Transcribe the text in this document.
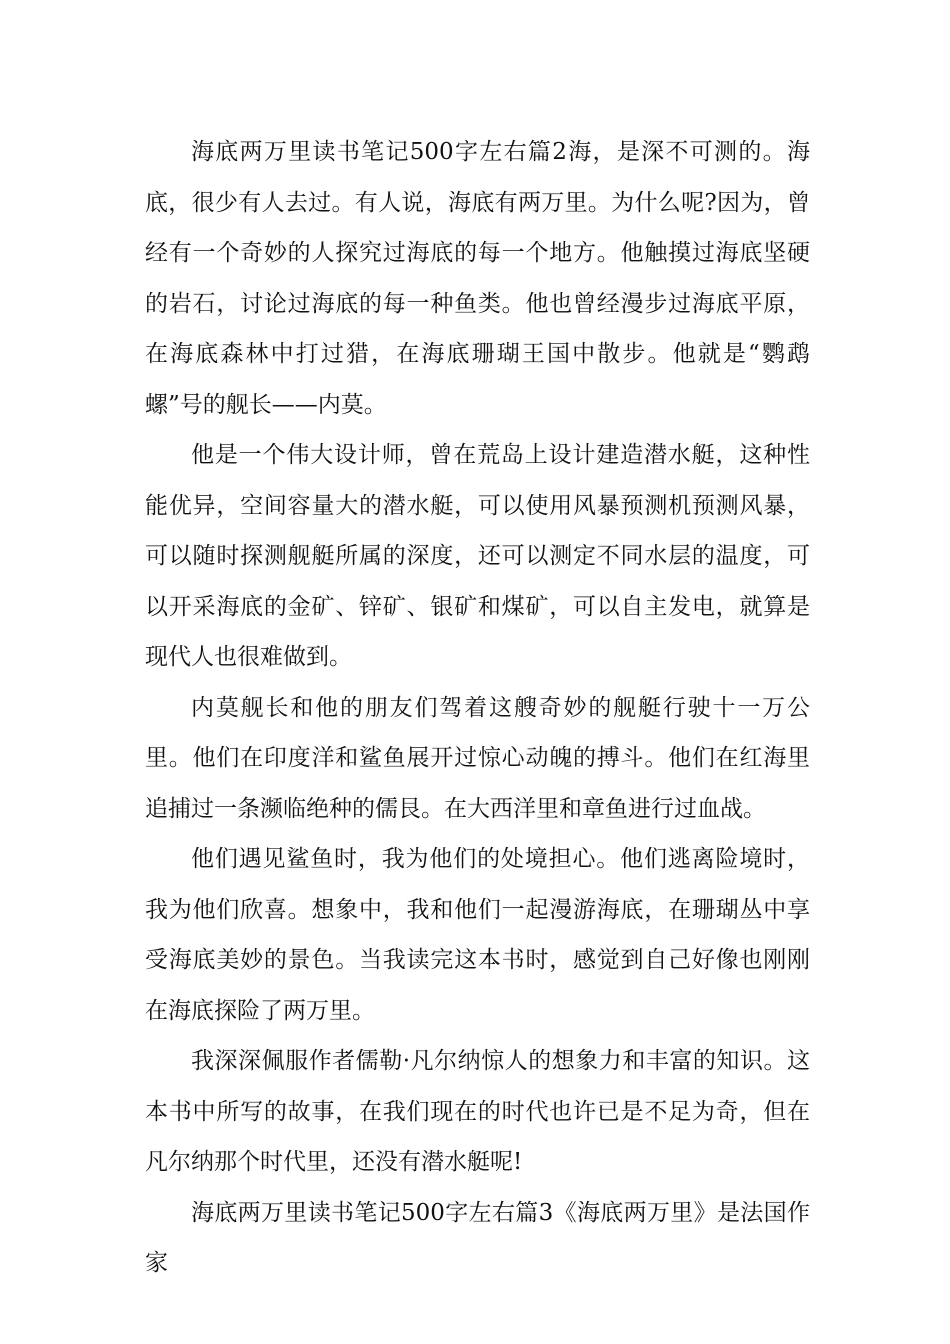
海底两万里读书笔记500字左右篇2海，是深不可测的。海底，很少有人去过。有人说，海底有两万里。为什么呢?因为，曾经有一个奇妙的人探究过海底的每一个地方。他触摸过海底坚硬的岩石，讨论过海底的每一种鱼类。他也曾经漫步过海底平原，在海底森林中打过猎，在海底珊瑚王国中散步。他就是“鹦鹉螺”号的舰长——内莫。

他是一个伟大设计师，曾在荒岛上设计建造潜水艇，这种性能优异，空间容量大的潜水艇，可以使用风暴预测机预测风暴，可以随时探测舰艇所属的深度，还可以测定不同水层的温度，可以开采海底的金矿、锌矿、银矿和煤矿，可以自主发电，就算是现代人也很难做到。

内莫舰长和他的朋友们驾着这艘奇妙的舰艇行驶十一万公里。他们在印度洋和鲨鱼展开过惊心动魄的搏斗。他们在红海里追捕过一条濒临绝种的儒艮。在大西洋里和章鱼进行过血战。

他们遇见鲨鱼时，我为他们的处境担心。他们逃离险境时，我为他们欣喜。想象中，我和他们一起漫游海底，在珊瑚丛中享受海底美妙的景色。当我读完这本书时，感觉到自己好像也刚刚在海底探险了两万里。

我深深佩服作者儒勒·凡尔纳惊人的想象力和丰富的知识。这本书中所写的故事，在我们现在的时代也许已是不足为奇，但在凡尔纳那个时代里，还没有潜水艇呢!

海底两万里读书笔记500字左右篇3《海底两万里》是法国作家
